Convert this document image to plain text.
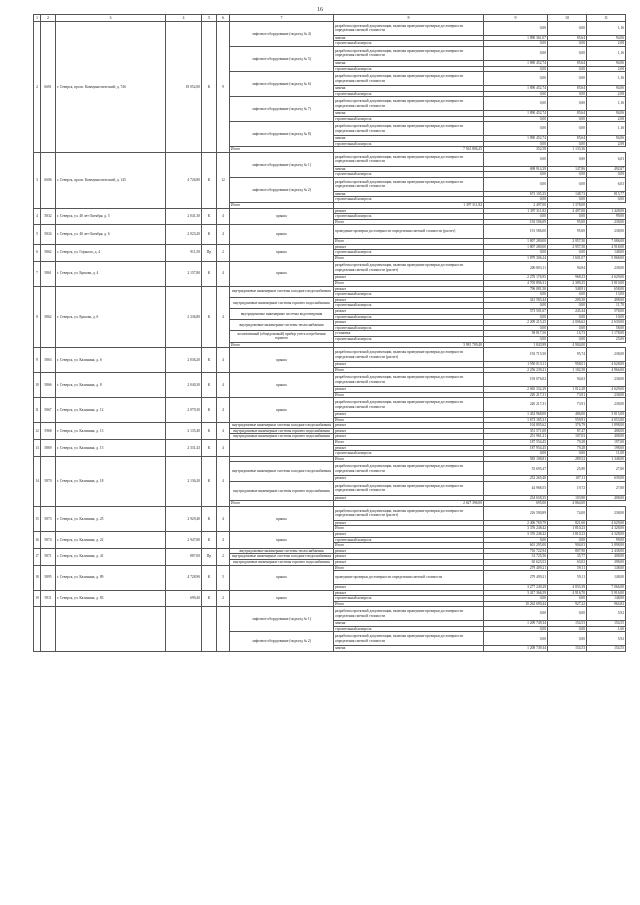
16
1	2	3	4	5	6	7	8	9	10	11
2	6601	г. Северск, просп. Коммунистический, д. 74б	18 052,00	К	9	лифтовое оборудование (подъезд № 4)	разработка проектной документации, включая проведение проверки достоверности определения сметной стоимости	0,00	0,00	1,16
							замена	1 890 361,07	85,64	94,06
							строительный контроль	0,00	0,00	2,08
						лифтовое оборудование (подъезд № 5)	разработка проектной документации, включая проведение проверки достоверности определения сметной стоимости	0,00	0,00	1,16
							замена	1 890 452,74	85,64	94,06
							строительный контроль	0,00	0,00	2,08
						лифтовое оборудование (подъезд № 6)	разработка проектной документации, включая проведение проверки достоверности определения сметной стоимости	0,00	0,00	1,16
							замена	1 890 452,74	85,64	94,06
							строительный контроль	0,00	0,00	2,08
						лифтовое оборудование (подъезд № 7)	разработка проектной документации, включая проведение проверки достоверности определения сметной стоимости	0,00	0,00	1,16
							замена	1 890 452,74	85,64	94,06
							строительный контроль	0,00	0,00	2,08
						лифтовое оборудование (подъезд № 8)	разработка проектной документации, включая проведение проверки достоверности определения сметной стоимости	0,00	0,00	1,16
							замена	1 890 452,74	85,64	94,06
							строительный контроль	0,00	0,00	2,08
						Итого	7 561 806,25	352,58	1 133,36	
3	6606	г. Северск, просп. Коммунистический, д. 145	4 726,80	К	12	лифтовое оборудование (подъезд № 1)	разработка проектной документации, включая проведение проверки достоверности определения сметной стоимости	0,00	0,00	6,03
							замена	698 914,39	147,86	492,87
							строительный контроль	0,00	0,00	0,00
						лифтовое оборудование (подъезд № 2)	разработка проектной документации, включая проведение проверки достоверности определения сметной стоимости	0,00	0,00	6,03
							замена	673 105,35	148,73	815,77
							строительный контроль	0,00	0,00	0,00
						Итого	1 397 311,82	2 497,00	1 378,00	
4	5832	г. Северск, ул. 40 лет Октября, д. 5	2 041,30	К	4	крыша	ремонт	1 397 311,82	2 497,00	1 428,00
							строительный контроль	0,00	0,00	99,00
							Итого	192 506,09	95,00	238,00
5	5834	г. Северск, ул. 40 лет Октября, д. 6	2 023,20	К	4	крыша	проведение проверки достоверности определения сметной стоимости (расчет)	191 586,00	95,00	238,00
							Итого	1 807 280,00	2 957,50	7 086,00
6	5862	г. Северск, ул. Горького, д. 4	911,50	Пр	2	крыша	ремонт	1 807 280,00	2 957,50	4 918,00
							строительный контроль	0,00	0,00	148,00
							Итого	1 879 306,24	1 601,07	5 868,00
7	5861	г. Северск, ул. Ершова, д. 4	2 157,80	К	4	крыша	разработка проектной документации, включая проведение проверки достоверности определения сметной стоимости (расчет)	200 803,11	94,84	238,00
							ремонт	2 270 176,95	968,23	4 629,00
							Итого	4 705 896,31	2 389,25	3 810,00
8	5862	г. Северск, ул. Ершова, д. 6	2 336,80	К	4	внутридомовые инженерные системы холодного водоснабжения	ремонт	796 081,50	348,91	658,00
							строительный контроль	0,00	0,00	13,00
						внутридомовые инженерные системы горячего водоснабжения	ремонт	341 583,44	200,30	408,00
							строительный контроль	0,00	0,00	11,70
						внутридомовые инженерные системы водоотведения	ремонт	573 501,67	245,44	578,00
							строительный контроль	0,00	0,00	10,00
						внутридомовые инженерные системы теплоснабжения	ремонт	2 209 215,25	2 006,62	2 639,00
							строительный контроль	0,00	0,00	58,00
						коллективный (общедомовый) прибор учета потребления горячего	установка	58 817,50	16,73	1 178,00
							строительный контроль	0,00	0,00	25,00
						Итого	3 981 709,40	1 843,99	4 904,00	
9	5863	г. Северск, ул. Калинина, д. 6	2 036,20	К	4	крыша	разработка проектной документации, включая проведение проверки достоверности определения сметной стоимости (расчет)	192 715,50	95,74	238,00
							ремонт	1 950 013,11	958,01	4 628,00
							Итого	2 256 239,21	1 102,58	4 866,00
10	5866	г. Северск, ул. Калинина, д. 8	2 040,30	К	4	крыша	разработка проектной документации, включая проведение проверки достоверности определения сметной стоимости	193 076,02	94,63	238,00
							ремонт	2 065 332,29	1 012,28	4 629,00
							Итого	220 217,31	73,91	238,00
11	5867	г. Северск, ул. Калинина, д. 12	2 079,30	К	4	крыша	разработка проектной документации, включая проведение проверки достоверности определения сметной стоимости	220 217,31	73,91	238,00
							ремонт	1 452 968,00	486,00	3 815,00
							Итого	1 673 185,31	559,91	4 053,00
12	5968	г. Северск, ул. Калинина, д. 13	2 135,40	К	4	внутридомовые инженерные системы холодного водоснабжения	ремонт	104 805,62	376,79	1 898,00
						внутридомовые инженерные системы горячего водоснабжения	ремонт	351 571,00	87,47	408,00
						внутридомовые инженерные системы горячего водоснабжения	ремонт	251 961,21	107,03	408,00
13	5869	г. Северск, ул. Калинина, д. 15	2 331,43	К	4		Итого	187 554,45	79,28	197,00
							ремонт	187 954,45	79,28	198,00
							строительный контроль	0,00	0,00	11,00
14	5870	г. Северск, ул. Калинина, д. 18	2 136,20	К	4		Итого	583 108,81	289,52	1 348,00
						внутридомовые инженерные системы холодного водоснабжения	разработка проектной документации, включая проведение проверки достоверности определения сметной стоимости	53 695,47	25,90	27,00
							ремонт	252 265,40	107,11	639,00
						внутридомовые инженерные системы горячего водоснабжения	разработка проектной документации, включая проведение проверки достоверности определения сметной стоимости	44 968,55	19,72	27,00
							ремонт	234 658,35	103,80	408,00
						Итого	2 627 396,00	695,00	4 864,00	
15	5873	г. Северск, ул. Калинина, д. 25	2 929,40	К	4	крыша	разработка проектной документации, включая проведение проверки достоверности определения сметной стоимости (расчет)	216 590,89	74,00	238,00
							ремонт	2 406 769,79	821,60	4 629,00
							Итого	3 376 248,42	1 810,23	4 328,00
16	5874	г. Северск, ул. Калинина, д. 22	2 947,80	К	4	крыша	ремонт	3 376 248,42	1 810,23	4 328,00
							строительный контроль	0,00	0,00	99,00
							Итого	601 295,00	904,03	3 898,00
17	5871	г. Северск, ул. Калинина, д. 41	887,00	Пр	2	внутридомовые инженерные системы теплоснабжения	ремонт	716 722,94	807,90	2 438,00
						внутридомовые инженерные системы холодного водоснабжения	ремонт	31 725,56	35,77	408,00
						внутридомовые инженерные системы горячего водоснабжения	ремонт	65 623,53	63,02	398,00
18	5895	г. Северск, ул. Калинина, д. 89	4 728,90	К	5	крыша	Итого	279 409,21	59,11	148,00
							проведение проверки достоверности определения сметной стоимости	279 409,21	59,11	148,00
							ремонт	3 277 249,29	4 833,39	7 066,00
19	5911	г. Северск, ул. Калинина, д. 83	699,40	К	2	крыша	ремонт	3 417 366,59	4 916,70	5 916,00
							строительный контроль	0,00	0,00	148,00
							Итого	10 262 690,44	927,22	964,82
						лифтовое оборудование (подъезд № 1)	разработка проектной документации, включая проведение проверки достоверности определения сметной стоимости	0,00	0,00	5,92
							замена	1 209 749,34	154,53	154,55
							строительный контроль	0,00	0,00	1,60
						лифтовое оборудование (подъезд № 2)	разработка проектной документации, включая проведение проверки достоверности определения сметной стоимости	0,00	0,00	5,92
							замена	1 208 749,34	154,53	154,55
